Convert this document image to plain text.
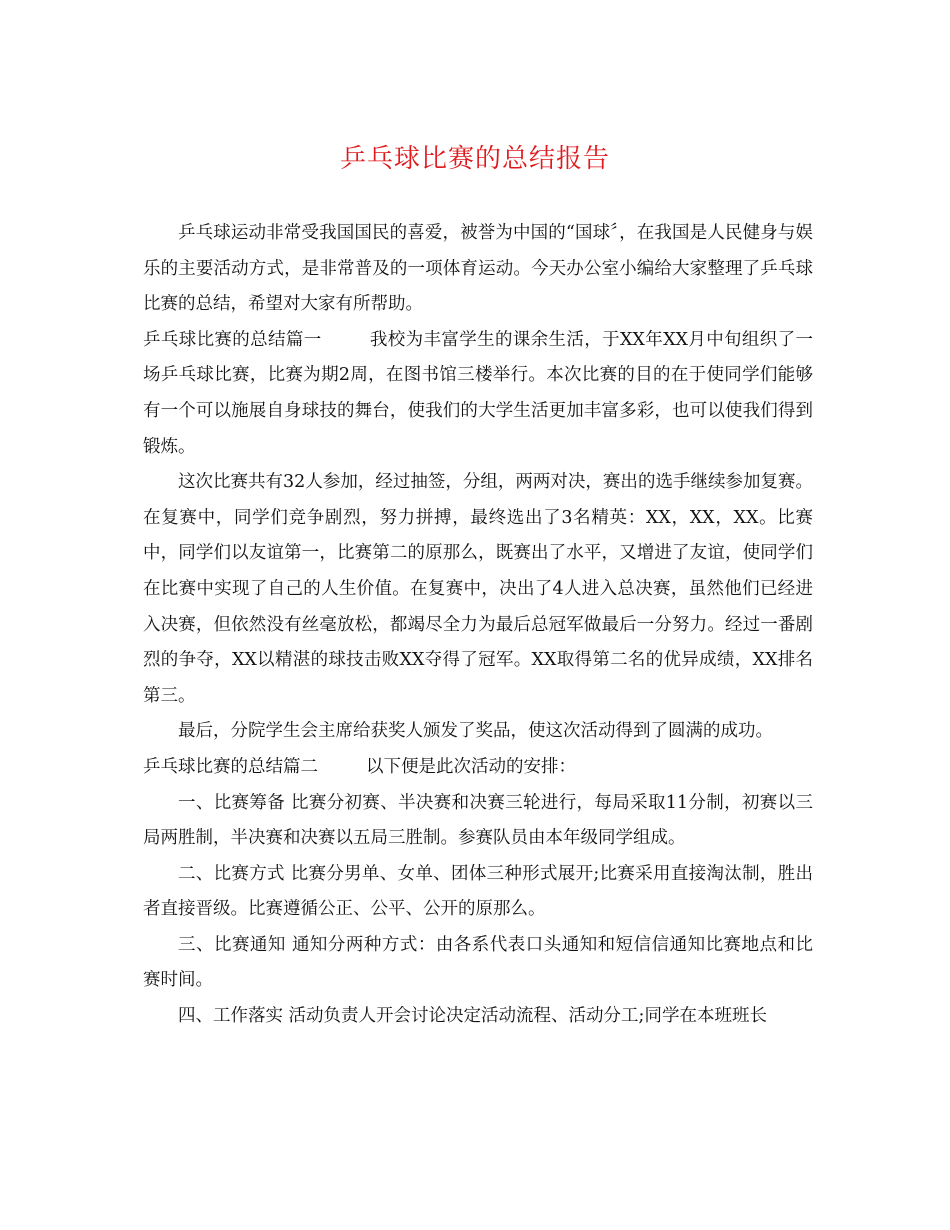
乒乓球比赛的总结报告

乒乓球运动非常受我国国民的喜爱，被誉为中国的“国球〞，在我国是人民健身与娱乐的主要活动方式，是非常普及的一项体育运动。今天办公室小编给大家整理了乒乓球比赛的总结，希望对大家有所帮助。

乒乓球比赛的总结篇一	我校为丰富学生的课余生活，于XX年XX月中旬组织了一场乒乓球比赛，比赛为期2周，在图书馆三楼举行。本次比赛的目的在于使同学们能够有一个可以施展自身球技的舞台，使我们的大学生活更加丰富多彩，也可以使我们得到锻炼。

这次比赛共有32人参加，经过抽签，分组，两两对决，赛出的选手继续参加复赛。在复赛中，同学们竞争剧烈，努力拼搏，最终选出了3名精英：XX，XX，XX。比赛中，同学们以友谊第一，比赛第二的原那么，既赛出了水平，又增进了友谊，使同学们在比赛中实现了自己的人生价值。在复赛中，决出了4人进入总决赛，虽然他们已经进入决赛，但依然没有丝毫放松，都竭尽全力为最后总冠军做最后一分努力。经过一番剧烈的争夺，XX以精湛的球技击败XX夺得了冠军。XX取得第二名的优异成绩，XX排名第三。

最后，分院学生会主席给获奖人颁发了奖品，使这次活动得到了圆满的成功。

乒乓球比赛的总结篇二	以下便是此次活动的安排：

一、比赛筹备 比赛分初赛、半决赛和决赛三轮进行，每局采取11分制，初赛以三局两胜制，半决赛和决赛以五局三胜制。参赛队员由本年级同学组成。

二、比赛方式 比赛分男单、女单、团体三种形式展开;比赛采用直接淘汰制，胜出者直接晋级。比赛遵循公正、公平、公开的原那么。

三、比赛通知 通知分两种方式：由各系代表口头通知和短信信通知比赛地点和比赛时间。

四、工作落实 活动负责人开会讨论决定活动流程、活动分工;同学在本班班长
